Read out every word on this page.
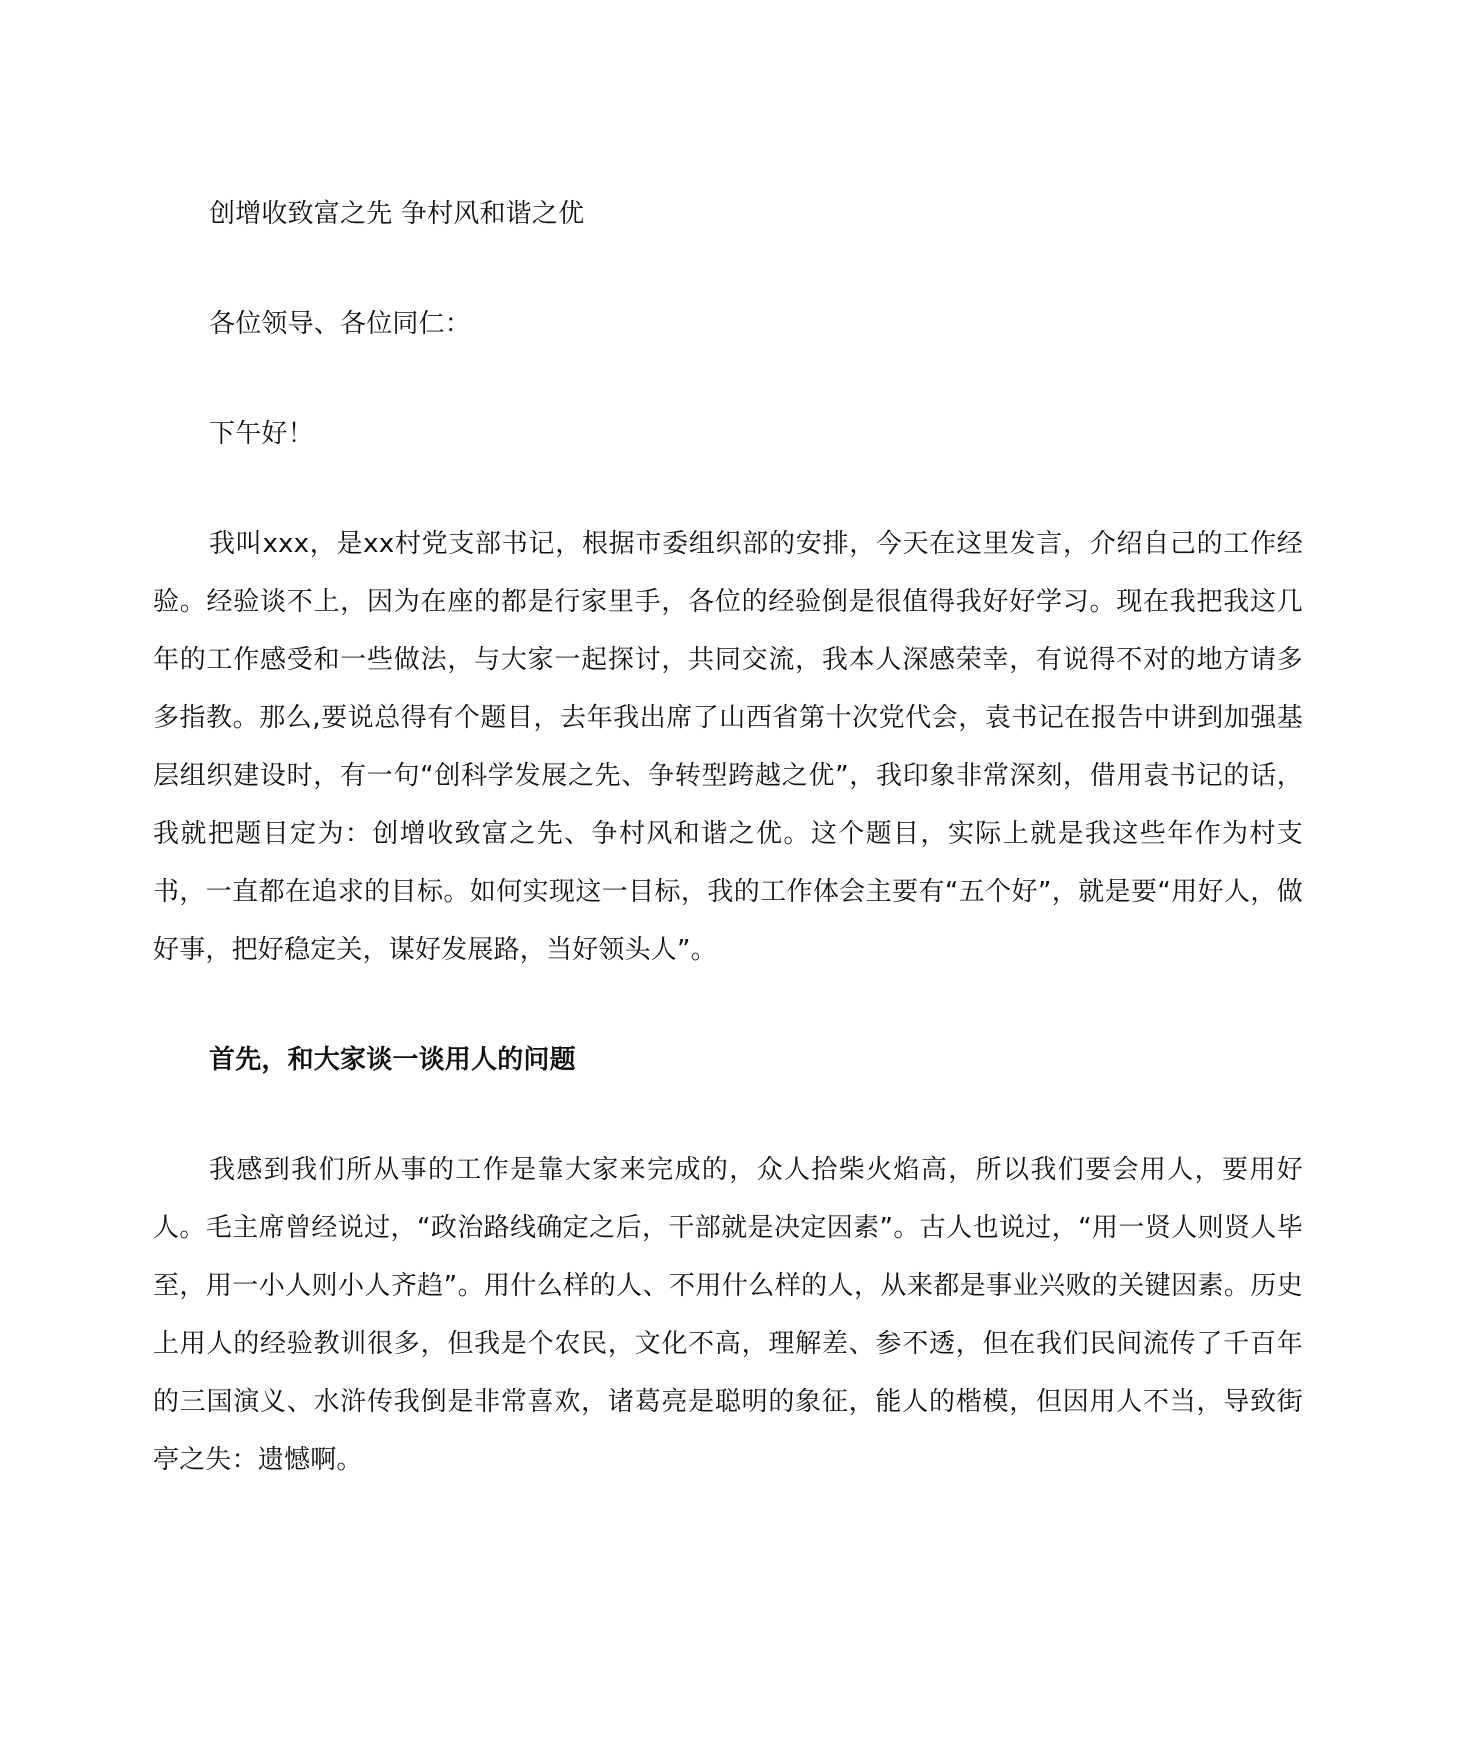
创增收致富之先 争村风和谐之优

各位领导、各位同仁：

下午好！

我叫xxx，是xx村党支部书记，根据市委组织部的安排，今天在这里发言，介绍自己的工作经验。经验谈不上，因为在座的都是行家里手，各位的经验倒是很值得我好好学习。现在我把我这几年的工作感受和一些做法，与大家一起探讨，共同交流，我本人深感荣幸，有说得不对的地方请多多指教。那么,要说总得有个题目，去年我出席了山西省第十次党代会，袁书记在报告中讲到加强基层组织建设时，有一句“创科学发展之先、争转型跨越之优”，我印象非常深刻，借用袁书记的话，我就把题目定为：创增收致富之先、争村风和谐之优。这个题目，实际上就是我这些年作为村支书，一直都在追求的目标。如何实现这一目标，我的工作体会主要有“五个好”，就是要“用好人，做好事，把好稳定关，谋好发展路，当好领头人”。

首先，和大家谈一谈用人的问题

我感到我们所从事的工作是靠大家来完成的，众人拾柴火焰高，所以我们要会用人，要用好人。毛主席曾经说过，“政治路线确定之后，干部就是决定因素”。古人也说过，“用一贤人则贤人毕至，用一小人则小人齐趋”。用什么样的人、不用什么样的人，从来都是事业兴败的关键因素。历史上用人的经验教训很多，但我是个农民，文化不高，理解差、参不透，但在我们民间流传了千百年的三国演义、水浒传我倒是非常喜欢，诸葛亮是聪明的象征，能人的楷模，但因用人不当，导致街亭之失：遗憾啊。
